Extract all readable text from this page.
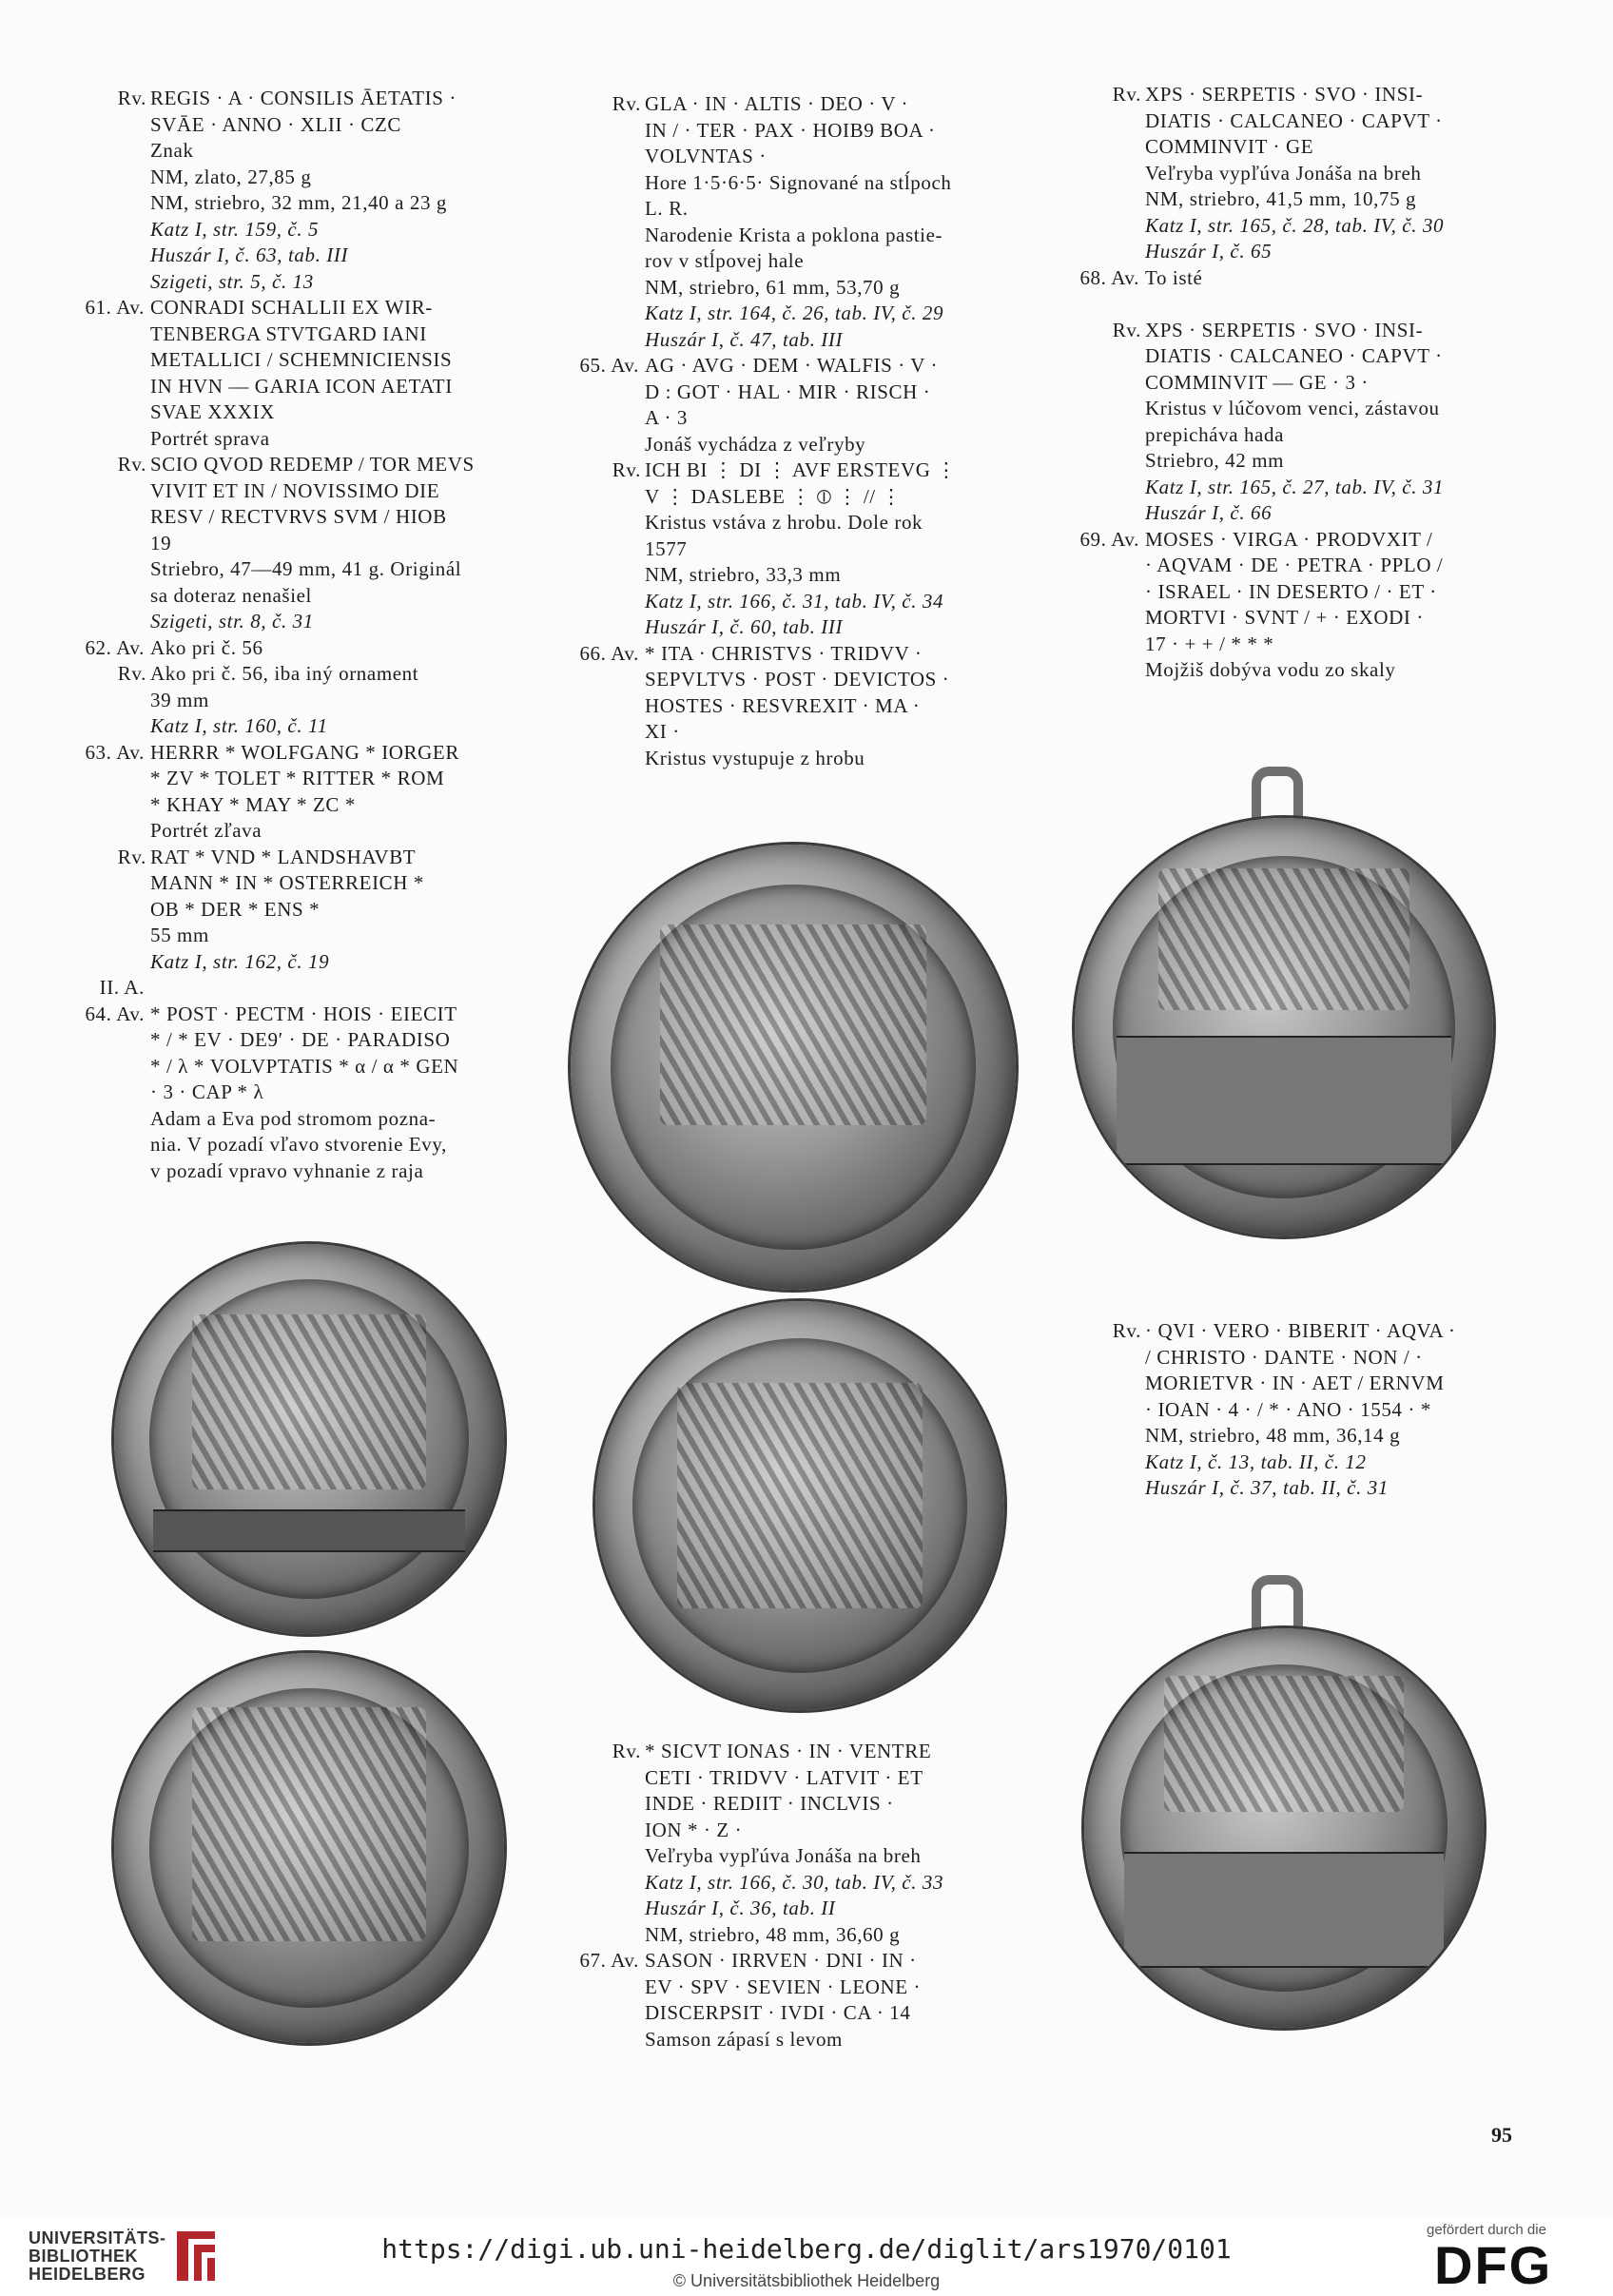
Rv. REGIS · A · CONSILIS ĀETATIS ·
SVĀE · ANNO · XLII · CZC
Znak
NM, zlato, 27,85 g
NM, striebro, 32 mm, 21,40 a 23 g
Katz I, str. 159, č. 5
Huszár I, č. 63, tab. III
Szigeti, str. 5, č. 13
61. Av. CONRADI SCHALLII EX WIR-
TENBERGA STVTGARD IANI
METALLICI / SCHEMNICIENSIS
IN HVN — GARIA ICON AETATI
SVAE XXXIX
Portrét sprava
Rv. SCIO QVOD REDEMP / TOR MEVS
VIVIT ET IN / NOVISSIMO DIE
RESV / RECTVRVS SVM / HIOB
19
Striebro, 47—49 mm, 41 g. Originál
sa doteraz nenašiel
Szigeti, str. 8, č. 31
62. Av. Ako pri č. 56
Rv. Ako pri č. 56, iba iný ornament
39 mm
Katz I, str. 160, č. 11
63. Av. HERRR * WOLFGANG * IORGER
* ZV * TOLET * RITTER * ROM
* KHAY * MAY * ZC *
Portrét zľava
Rv. RAT * VND * LANDSHAVBT
MANN * IN * OSTERREICH *
OB * DER * ENS *
55 mm
Katz I, str. 162, č. 19
II. A.
64. Av. * POST · PECTM · HOIS · EIECIT
* / * EV · DE9′ · DE · PARADISO
* / λ * VOLVPTATIS * α / α * GEN
· 3 · CAP * λ
Adam a Eva pod stromom pozna-
nia. V pozadí vľavo stvorenie Evy,
v pozadí vpravo vyhnanie z raja
Rv. GLA · IN · ALTIS · DEO · V ·
IN / · TER · PAX · HOIB9 BOA ·
VOLVNTAS ·
Hore 1·5·6·5· Signované na stĺpoch
L. R.
Narodenie Krista a poklona pastie-
rov v stĺpovej hale
NM, striebro, 61 mm, 53,70 g
Katz I, str. 164, č. 26, tab. IV, č. 29
Huszár I, č. 47, tab. III
65. Av. AG · AVG · DEM · WALFIS · V ·
D : GOT · HAL · MIR · RISCH ·
A · 3
Jonáš vychádza z veľryby
Rv. ICH BI ⋮ DI ⋮ AVF ERSTEVG ⋮
V ⋮ DASLEBE ⋮ ⦶ ⋮ // ⋮
Kristus vstáva z hrobu. Dole rok
1577
NM, striebro, 33,3 mm
Katz I, str. 166, č. 31, tab. IV, č. 34
Huszár I, č. 60, tab. III
66. Av. * ITA · CHRISTVS · TRIDVV ·
SEPVLTVS · POST · DEVICTOS ·
HOSTES · RESVREXIT · MA ·
XI ·
Kristus vystupuje z hrobu
Rv. * SICVT IONAS · IN · VENTRE
CETI · TRIDVV · LATVIT · ET
INDE · REDIIT · INCLVIS ·
ION * · Z ·
Veľryba vypľúva Jonáša na breh
Katz I, str. 166, č. 30, tab. IV, č. 33
Huszár I, č. 36, tab. II
NM, striebro, 48 mm, 36,60 g
67. Av. SASON · IRRVEN · DNI · IN ·
EV · SPV · SEVIEN · LEONE ·
DISCERPSIT · IVDI · CA · 14
Samson zápasí s levom
Rv. XPS · SERPETIS · SVO · INSI-
DIATIS · CALCANEO · CAPVT ·
COMMINVIT · GE
Veľryba vypľúva Jonáša na breh
NM, striebro, 41,5 mm, 10,75 g
Katz I, str. 165, č. 28, tab. IV, č. 30
Huszár I, č. 65
68. Av. To isté
Rv. XPS · SERPETIS · SVO · INSI-
DIATIS · CALCANEO · CAPVT ·
COMMINVIT — GE · 3 ·
Kristus v lúčovom venci, zástavou
prepicháva hada
Striebro, 42 mm
Katz I, str. 165, č. 27, tab. IV, č. 31
Huszár I, č. 66
69. Av. MOSES · VIRGA · PRODVXIT /
· AQVAM · DE · PETRA · PPLO /
· ISRAEL · IN DESERTO / · ET ·
MORTVI · SVNT / + · EXODI ·
17 · + + / * * *
Mojžiš dobýva vodu zo skaly
Rv. · QVI · VERO · BIBERIT · AQVA ·
/ CHRISTO · DANTE · NON / ·
MORIETVR · IN · AET / ERNVM
· IOAN · 4 · / * · ANO · 1554 · *
NM, striebro, 48 mm, 36,14 g
Katz I, č. 13, tab. II, č. 12
Huszár I, č. 37, tab. II, č. 31
95
UNIVERSITÄTS-
BIBLIOTHEK
HEIDELBERG
https://digi.ub.uni-heidelberg.de/diglit/ars1970/0101
© Universitätsbibliothek Heidelberg
gefördert durch die
DFG
